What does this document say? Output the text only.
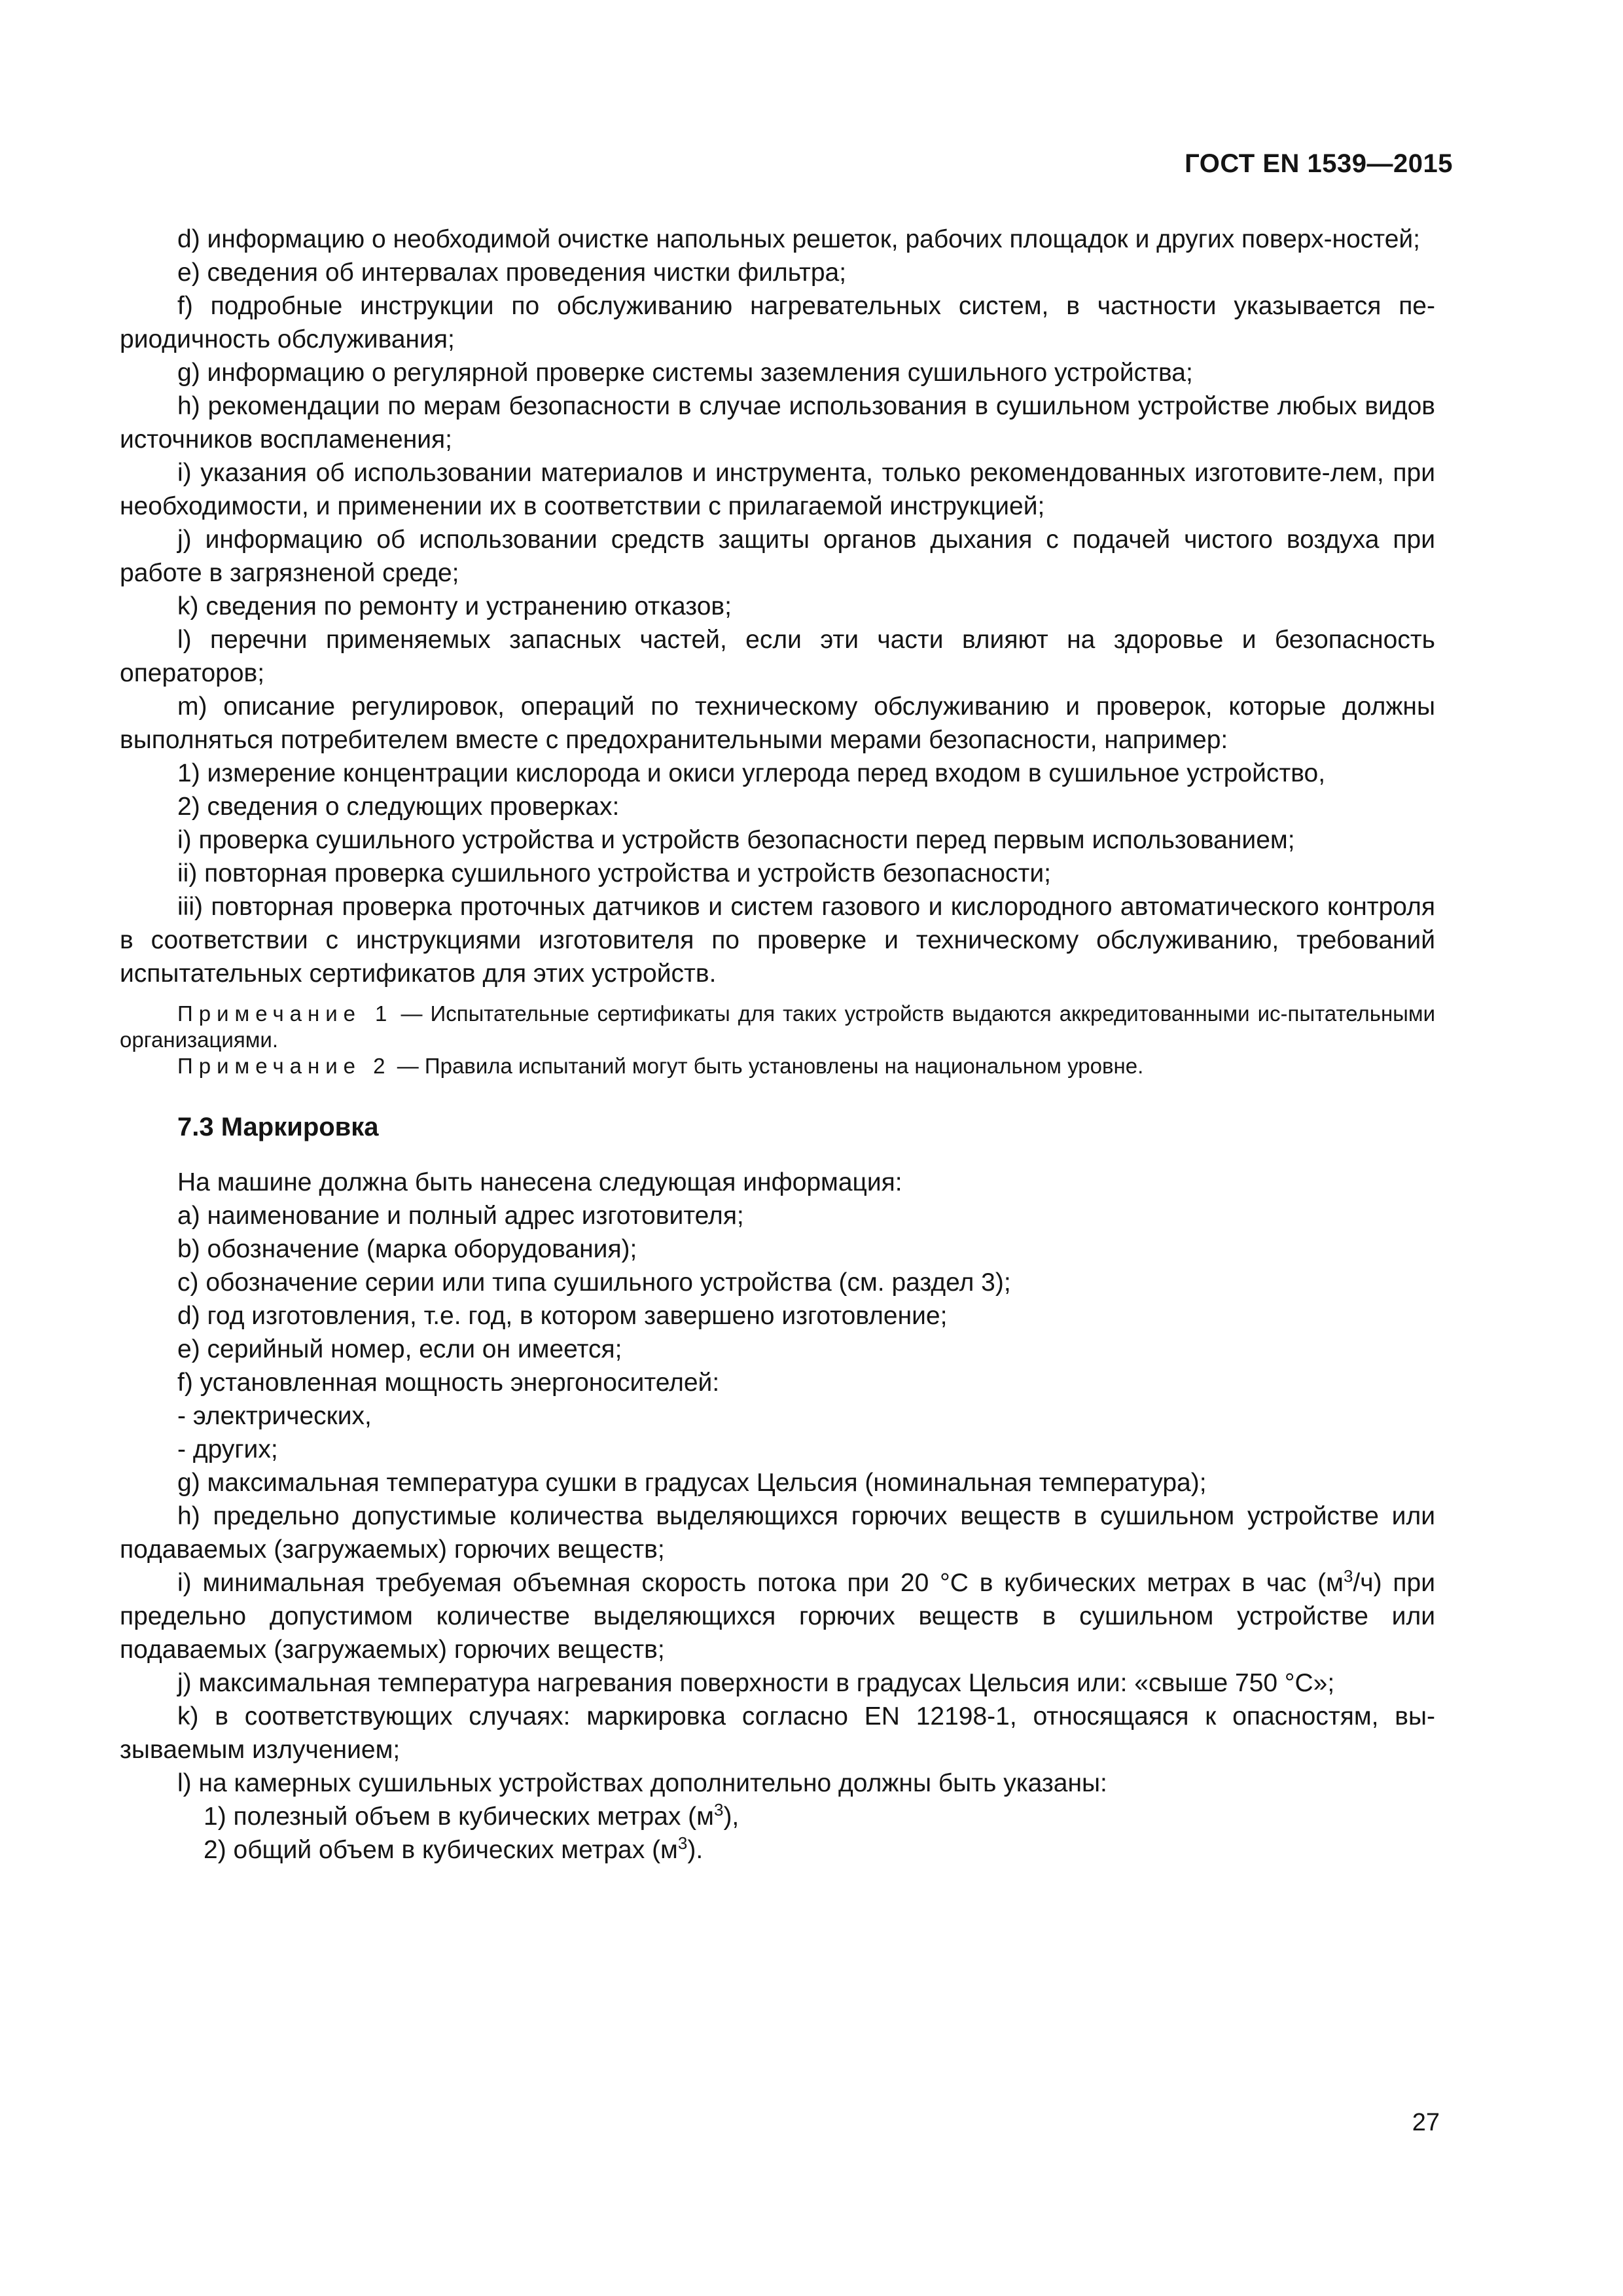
ГОСТ EN 1539—2015

d) информацию о необходимой очистке напольных решеток, рабочих площадок и других поверх-ностей;

е) сведения об интервалах проведения чистки фильтра;

f) подробные инструкции по обслуживанию нагревательных систем, в частности указывается пе-риодичность обслуживания;

g) информацию о регулярной проверке системы заземления сушильного устройства;

h) рекомендации по мерам безопасности в случае использования в сушильном устройстве любых видов источников воспламенения;

i) указания об использовании материалов и инструмента, только рекомендованных изготовите-лем, при необходимости, и применении их в соответствии с прилагаемой инструкцией;

j) информацию об использовании средств защиты органов дыхания с подачей чистого воздуха при работе в загрязненой среде;

k) сведения по ремонту и устранению отказов;

l) перечни применяемых запасных частей, если эти части влияют на здоровье и безопасность операторов;

m) описание регулировок, операций по техническому обслуживанию и проверок, которые должны выполняться потребителем вместе с предохранительными мерами безопасности, например:

1) измерение концентрации кислорода и окиси углерода перед входом в сушильное устройство,

2) сведения о следующих проверках:

i) проверка сушильного устройства и устройств безопасности перед первым использованием;

ii) повторная проверка сушильного устройства и устройств безопасности;

iii) повторная проверка проточных датчиков и систем газового и кислородного автоматического контроля в соответствии с инструкциями изготовителя по проверке и техническому обслуживанию, требований испытательных сертификатов для этих устройств.

Примечание 1 — Испытательные сертификаты для таких устройств выдаются аккредитованными ис-пытательными организациями.

Примечание 2 — Правила испытаний могут быть установлены на национальном уровне.

7.3 Маркировка

На машине должна быть нанесена следующая информация:

а) наименование и полный адрес изготовителя;

b) обозначение (марка оборудования);

с) обозначение серии или типа сушильного устройства (см. раздел 3);

d) год изготовления, т.е. год, в котором завершено изготовление;

е) серийный номер, если он имеется;

f) установленная мощность энергоносителей:

- электрических,

- других;

g) максимальная температура сушки в градусах Цельсия (номинальная температура);

h) предельно допустимые количества выделяющихся горючих веществ в сушильном устройстве или подаваемых (загружаемых) горючих веществ;

i) минимальная требуемая объемная скорость потока при 20 °С в кубических метрах в час $(м^3/ч)$ при предельно допустимом количестве выделяющихся горючих веществ в сушильном устройстве или подаваемых (загружаемых) горючих веществ;

j) максимальная температура нагревания поверхности в градусах Цельсия или: «свыше 750 °С»;

k) в соответствующих случаях: маркировка согласно EN 12198-1, относящаяся к опасностям, вы-зываемым излучением;

l) на камерных сушильных устройствах дополнительно должны быть указаны:

1) полезный объем в кубических метрах $(м^3)$,

2) общий объем в кубических метрах $(м^3)$.

27
